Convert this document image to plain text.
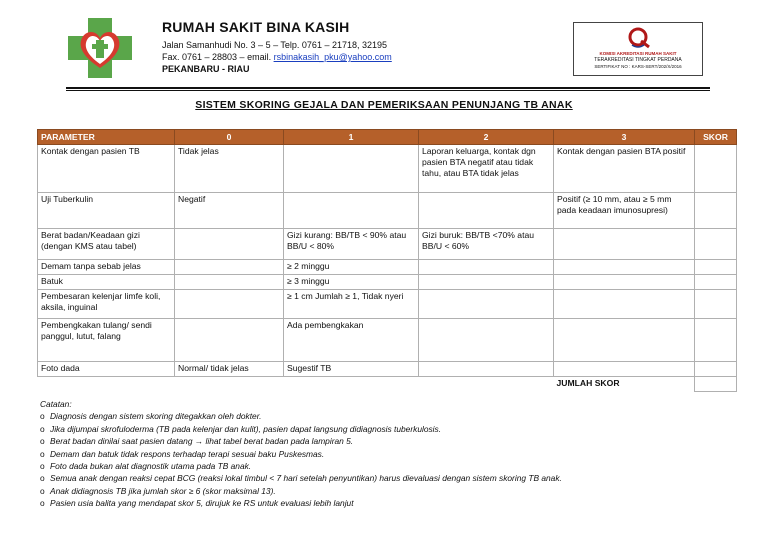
RUMAH SAKIT BINA KASIH
Jalan Samanhudi No. 3 – 5 – Telp. 0761 – 21718, 32195
Fax. 0761 – 28803 – email. rsbinakasih_pku@yahoo.com
PEKANBARU - RIAU
KOMISI AKREDITASI RUMAH SAKIT
TERAKREDITASI TINGKAT PERDANA
SERTIFIKAT NO : KARS-SERT/202/X/2016
SISTEM SKORING GEJALA DAN PEMERIKSAAN PENUNJANG TB ANAK
PARAMETER	0	1	2	3	SKOR
Kontak dengan pasien TB	Tidak jelas		Laporan keluarga, kontak dgn pasien BTA negatif atau tidak tahu, atau BTA tidak jelas	Kontak dengan pasien BTA positif	
Uji Tuberkulin	Negatif			Positif (≥ 10 mm, atau ≥ 5 mm pada keadaan imunosupresi)	
Berat badan/Keadaan gizi (dengan KMS atau tabel)		Gizi kurang: BB/TB < 90% atau BB/U < 80%	Gizi buruk: BB/TB <70% atau BB/U < 60%		
Demam tanpa sebab jelas		≥ 2 minggu			
Batuk		≥ 3 minggu			
Pembesaran kelenjar limfe koli, aksila, inguinal		≥ 1 cm Jumlah ≥ 1, Tidak nyeri			
Pembengkakan tulang/ sendi panggul, lutut, falang		Ada pembengkakan			
Foto dada	Normal/ tidak jelas	Sugestif TB			
				JUMLAH SKOR	
Catatan:
o Diagnosis dengan sistem skoring ditegakkan oleh dokter.
o Jika dijumpai skrofuloderma (TB pada kelenjar dan kulit), pasien dapat langsung didiagnosis tuberkulosis.
o Berat badan dinilai saat pasien datang → lihat tabel berat badan pada lampiran 5.
o Demam dan batuk tidak respons terhadap terapi sesuai baku Puskesmas.
o Foto dada bukan alat diagnostik utama pada TB anak.
o Semua anak dengan reaksi cepat BCG (reaksi lokal timbul < 7 hari setelah penyuntikan) harus dievaluasi dengan sistem skoring TB anak.
o Anak didiagnosis TB jika jumlah skor ≥ 6 (skor maksimal 13).
o Pasien usia balita yang mendapat skor 5, dirujuk ke RS untuk evaluasi lebih lanjut
